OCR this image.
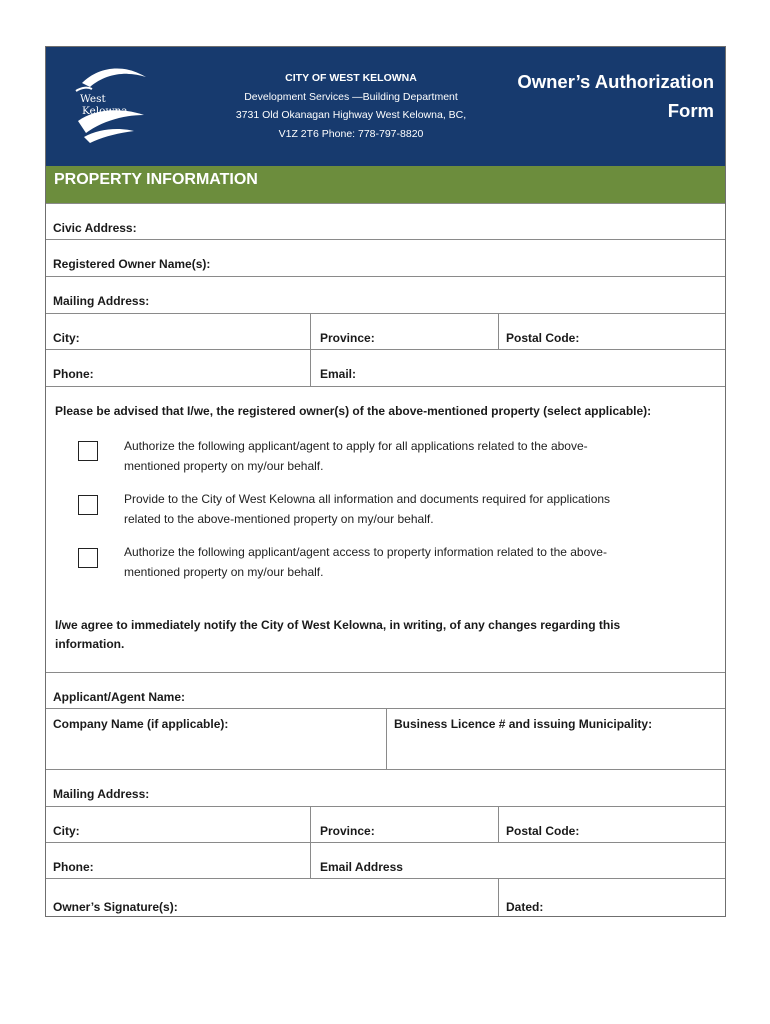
West
Kelowna
CITY OF WEST KELOWNA
Development Services —Building Department
3731 Old Okanagan Highway West Kelowna, BC,
V1Z 2T6 Phone: 778-797-8820
Owner’s Authorization
Form
PROPERTY INFORMATION
Civic Address:
Registered Owner Name(s):
Mailing Address:
City:	Province:	Postal Code:
Phone:	Email:
Please be advised that I/we, the registered owner(s) of the above-mentioned property (select applicable):
Authorize the following applicant/agent to apply for all applications related to the above-
mentioned property on my/our behalf.
Provide to the City of West Kelowna all information and documents required for applications
related to the above-mentioned property on my/our behalf.
Authorize the following applicant/agent access to property information related to the above-
mentioned property on my/our behalf.
I/we agree to immediately notify the City of West Kelowna, in writing, of any changes regarding this
information.
Applicant/Agent Name:
Company Name (if applicable):	Business Licence # and issuing Municipality:
Mailing Address:
City:	Province:	Postal Code:
Phone:	Email Address
Owner’s Signature(s):	Dated:
